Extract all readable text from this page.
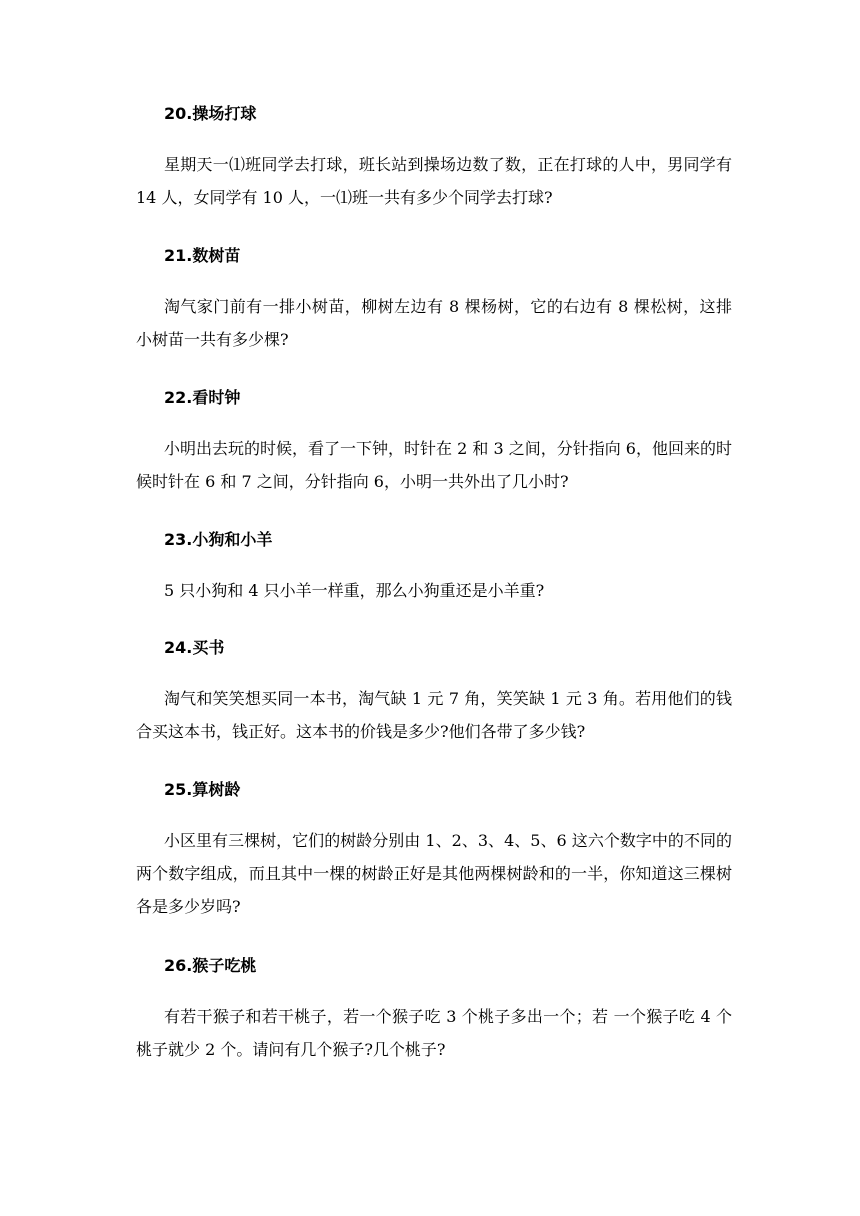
20.操场打球

星期天一⑴班同学去打球，班长站到操场边数了数，正在打球的人中，男同学有 14 人，女同学有 10 人，一⑴班一共有多少个同学去打球?

21.数树苗

淘气家门前有一排小树苗，柳树左边有 8 棵杨树，它的右边有 8 棵松树，这排小树苗一共有多少棵?

22.看时钟

小明出去玩的时候，看了一下钟，时针在 2 和 3 之间，分针指向 6，他回来的时候时针在 6 和 7 之间，分针指向 6，小明一共外出了几小时?

23.小狗和小羊

5 只小狗和 4 只小羊一样重，那么小狗重还是小羊重?

24.买书

淘气和笑笑想买同一本书，淘气缺 1 元 7 角，笑笑缺 1 元 3 角。若用他们的钱合买这本书，钱正好。这本书的价钱是多少?他们各带了多少钱?

25.算树龄

小区里有三棵树，它们的树龄分别由 1、2、3、4、5、6 这六个数字中的不同的两个数字组成，而且其中一棵的树龄正好是其他两棵树龄和的一半，你知道这三棵树各是多少岁吗?

26.猴子吃桃

有若干猴子和若干桃子，若一个猴子吃 3 个桃子多出一个；若 一个猴子吃 4 个桃子就少 2 个。请问有几个猴子?几个桃子?
